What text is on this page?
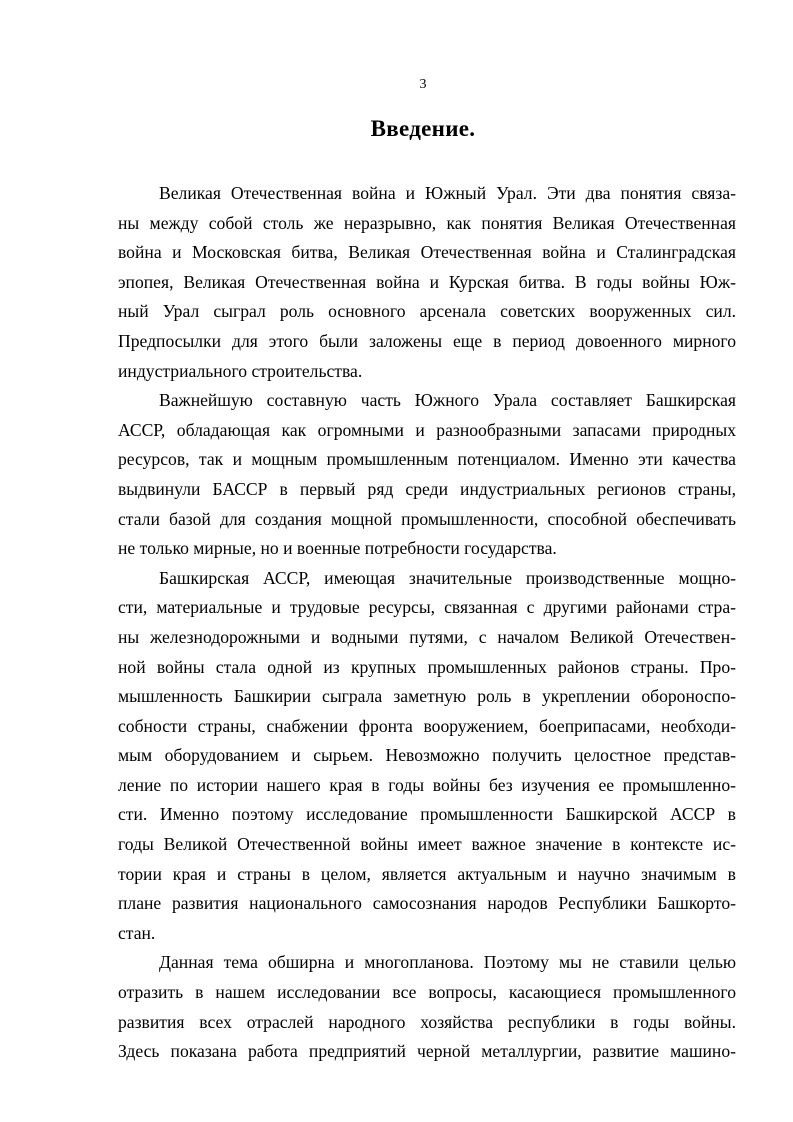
3
Введение.
Великая Отечественная война и Южный Урал. Эти два понятия связа-
ны между собой столь же неразрывно, как понятия Великая Отечественная
война и Московская битва, Великая Отечественная война и Сталинградская
эпопея, Великая Отечественная война и Курская битва. В годы войны Юж-
ный Урал сыграл роль основного арсенала советских вооруженных сил.
Предпосылки для этого были заложены еще в период довоенного мирного
индустриального строительства.
Важнейшую составную часть Южного Урала составляет Башкирская
АССР, обладающая как огромными и разнообразными запасами природных
ресурсов, так и мощным промышленным потенциалом. Именно эти качества
выдвинули БАССР в первый ряд среди индустриальных регионов страны,
стали базой для создания мощной промышленности, способной обеспечивать
не только мирные, но и военные потребности государства.
Башкирская АССР, имеющая значительные производственные мощно-
сти, материальные и трудовые ресурсы, связанная с другими районами стра-
ны железнодорожными и водными путями, с началом Великой Отечествен-
ной войны стала одной из крупных промышленных районов страны. Про-
мышленность Башкирии сыграла заметную роль в укреплении обороноспо-
собности страны, снабжении фронта вооружением, боеприпасами, необходи-
мым оборудованием и сырьем. Невозможно получить целостное представ-
ление по истории нашего края в годы войны без изучения ее промышленно-
сти. Именно поэтому исследование промышленности Башкирской АССР в
годы Великой Отечественной войны имеет важное значение в контексте ис-
тории края и страны в целом, является актуальным и научно значимым в
плане развития национального самосознания народов Республики Башкорто-
стан.
Данная тема обширна и многопланова. Поэтому мы не ставили целью
отразить в нашем исследовании все вопросы, касающиеся промышленного
развития всех отраслей народного хозяйства республики в годы войны.
Здесь показана работа предприятий черной металлургии, развитие машино-
